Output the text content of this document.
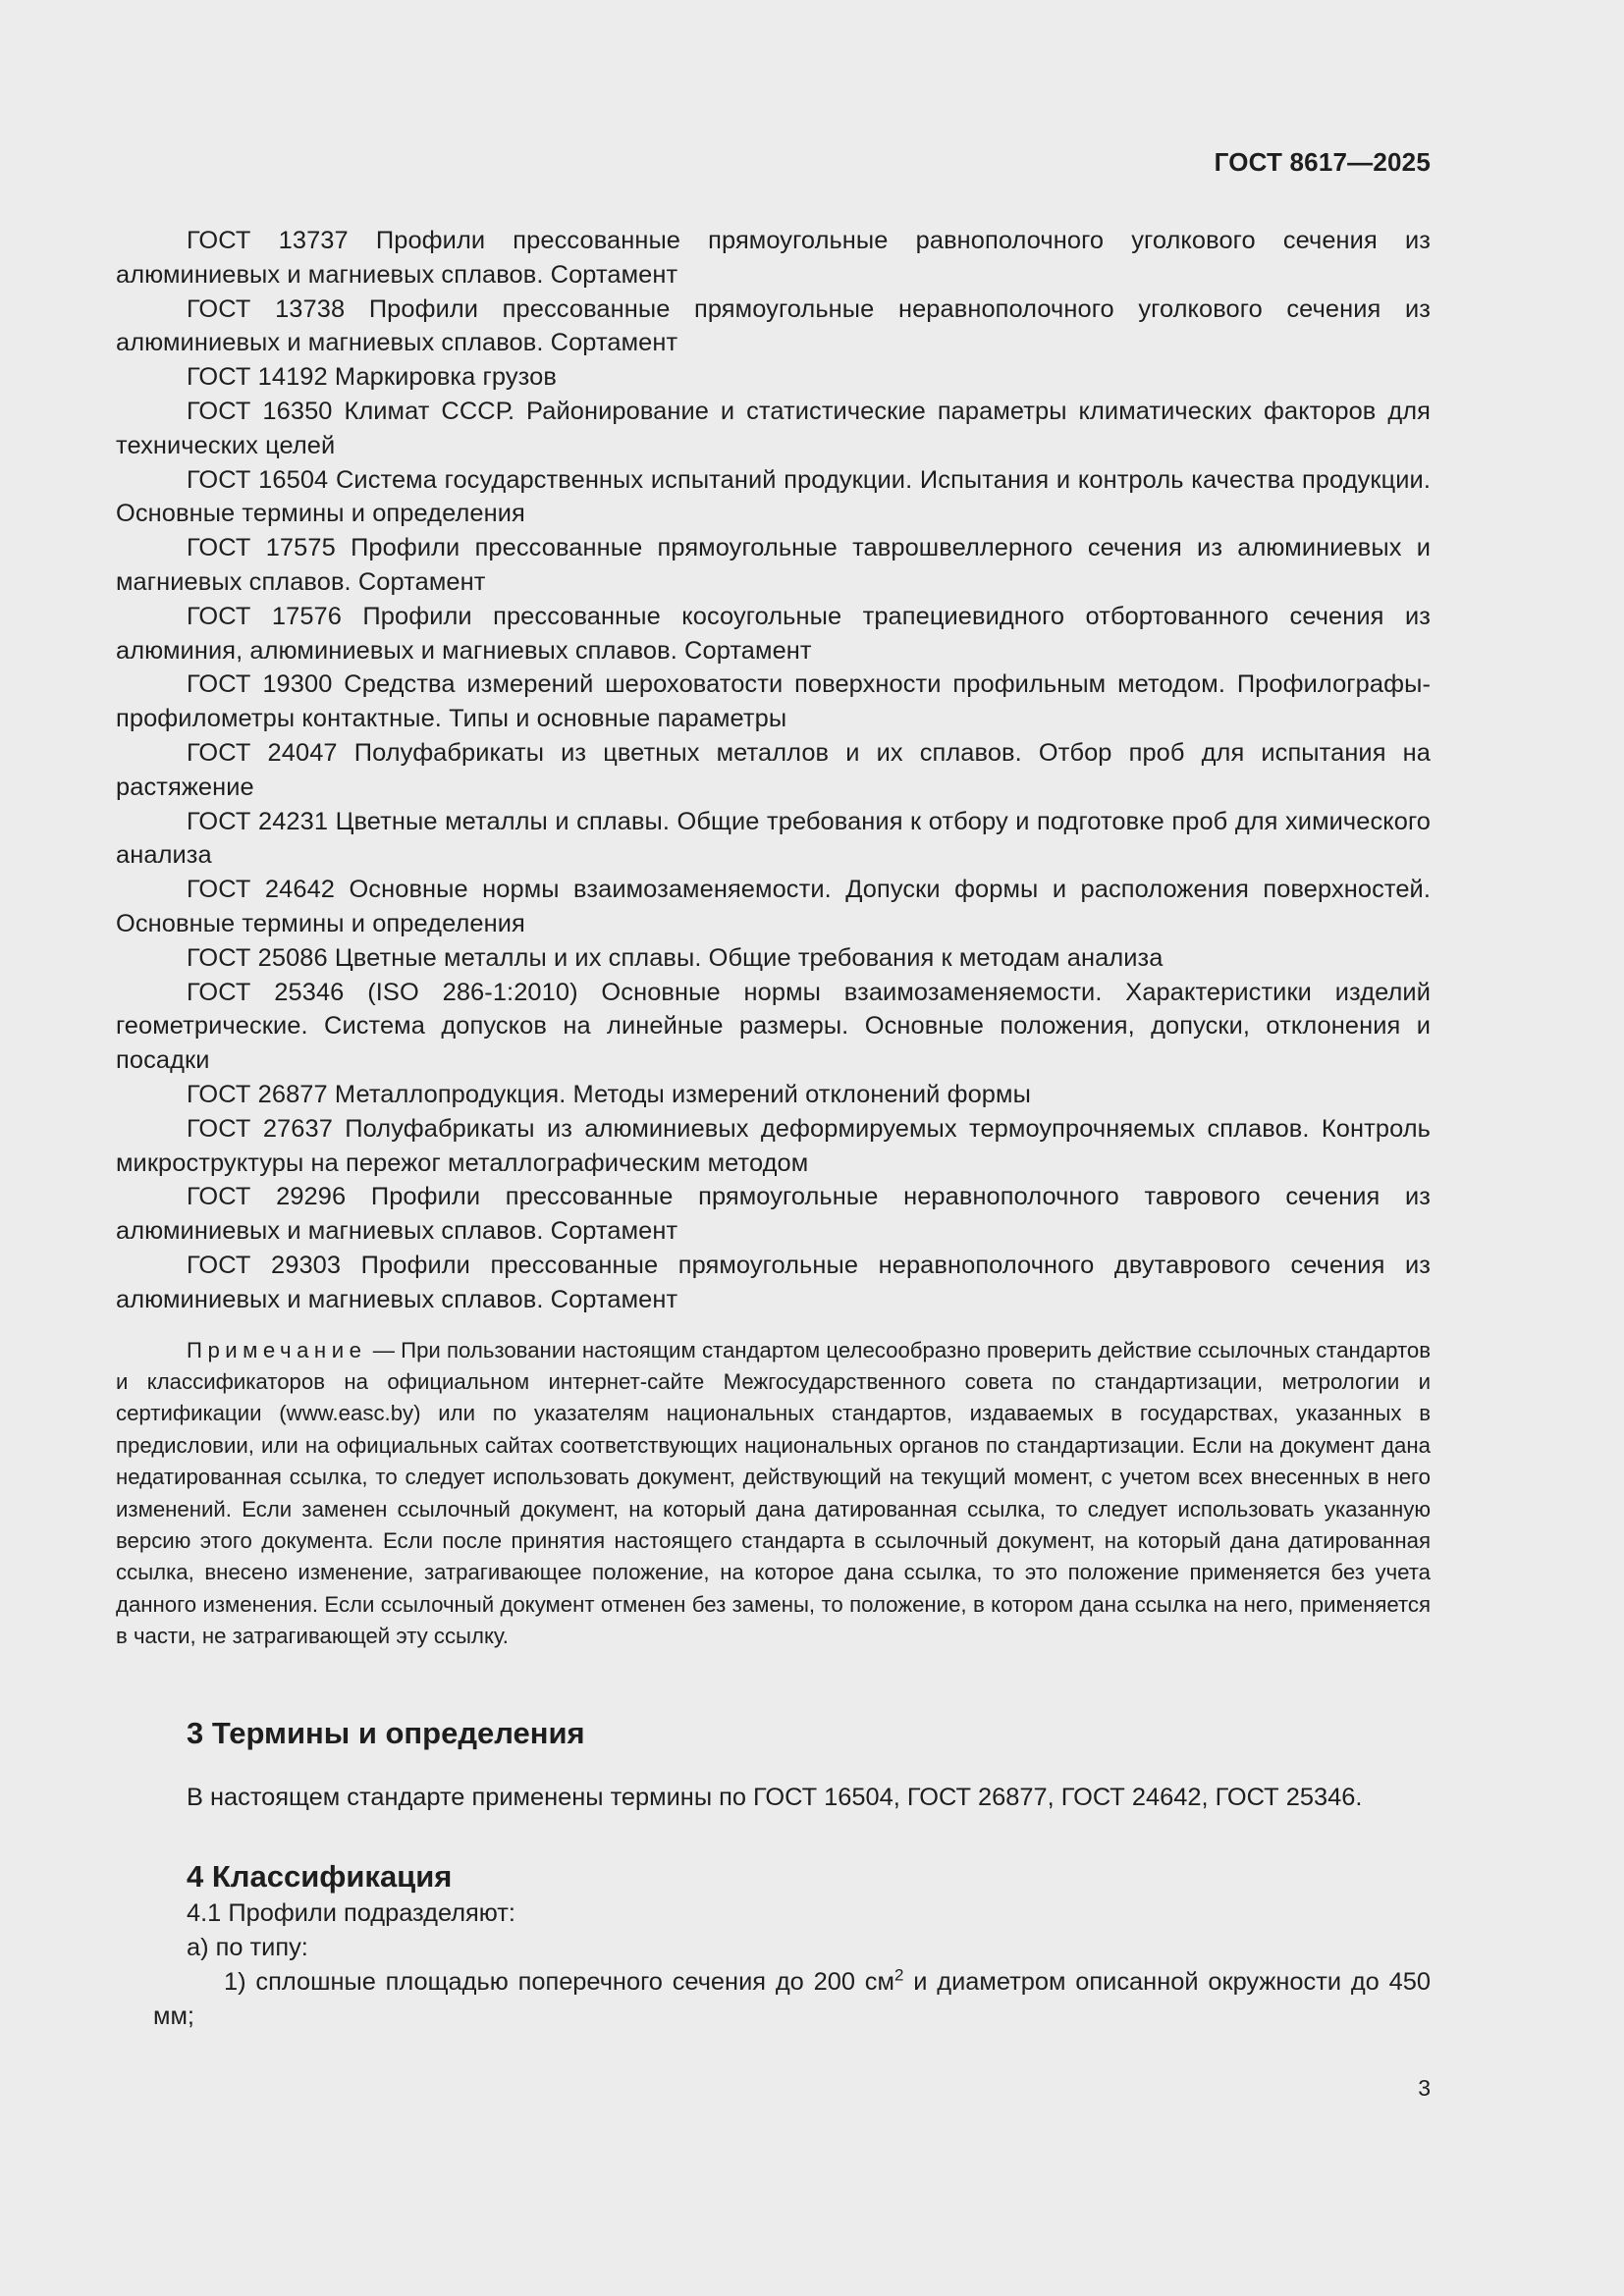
ГОСТ 8617—2025

ГОСТ 13737 Профили прессованные прямоугольные равнополочного уголкового сечения из алюминиевых и магниевых сплавов. Сортамент

ГОСТ 13738 Профили прессованные прямоугольные неравнополочного уголкового сечения из алюминиевых и магниевых сплавов. Сортамент

ГОСТ 14192 Маркировка грузов

ГОСТ 16350 Климат СССР. Районирование и статистические параметры климатических факторов для технических целей

ГОСТ 16504 Система государственных испытаний продукции. Испытания и контроль качества продукции. Основные термины и определения

ГОСТ 17575 Профили прессованные прямоугольные таврошвеллерного сечения из алюминиевых и магниевых сплавов. Сортамент

ГОСТ 17576 Профили прессованные косоугольные трапециевидного отбортованного сечения из алюминия, алюминиевых и магниевых сплавов. Сортамент

ГОСТ 19300 Средства измерений шероховатости поверхности профильным методом. Профилографы-профилометры контактные. Типы и основные параметры

ГОСТ 24047 Полуфабрикаты из цветных металлов и их сплавов. Отбор проб для испытания на растяжение

ГОСТ 24231 Цветные металлы и сплавы. Общие требования к отбору и подготовке проб для химического анализа

ГОСТ 24642 Основные нормы взаимозаменяемости. Допуски формы и расположения поверхностей. Основные термины и определения

ГОСТ 25086 Цветные металлы и их сплавы. Общие требования к методам анализа

ГОСТ 25346 (ISO 286-1:2010) Основные нормы взаимозаменяемости. Характеристики изделий геометрические. Система допусков на линейные размеры. Основные положения, допуски, отклонения и посадки

ГОСТ 26877 Металлопродукция. Методы измерений отклонений формы

ГОСТ 27637 Полуфабрикаты из алюминиевых деформируемых термоупрочняемых сплавов. Контроль микроструктуры на пережог металлографическим методом

ГОСТ 29296 Профили прессованные прямоугольные неравнополочного таврового сечения из алюминиевых и магниевых сплавов. Сортамент

ГОСТ 29303 Профили прессованные прямоугольные неравнополочного двутаврового сечения из алюминиевых и магниевых сплавов. Сортамент

Примечание — При пользовании настоящим стандартом целесообразно проверить действие ссылочных стандартов и классификаторов на официальном интернет-сайте Межгосударственного совета по стандартизации, метрологии и сертификации (www.easc.by) или по указателям национальных стандартов, издаваемых в государствах, указанных в предисловии, или на официальных сайтах соответствующих национальных органов по стандартизации. Если на документ дана недатированная ссылка, то следует использовать документ, действующий на текущий момент, с учетом всех внесенных в него изменений. Если заменен ссылочный документ, на который дана датированная ссылка, то следует использовать указанную версию этого документа. Если после принятия настоящего стандарта в ссылочный документ, на который дана датированная ссылка, внесено изменение, затрагивающее положение, на которое дана ссылка, то это положение применяется без учета данного изменения. Если ссылочный документ отменен без замены, то положение, в котором дана ссылка на него, применяется в части, не затрагивающей эту ссылку.

3 Термины и определения

В настоящем стандарте применены термины по ГОСТ 16504, ГОСТ 26877, ГОСТ 24642, ГОСТ 25346.

4 Классификация

4.1 Профили подразделяют:

а) по типу:

1) сплошные площадью поперечного сечения до 200 $см^2$ и диаметром описанной окружности до 450 мм;

3
